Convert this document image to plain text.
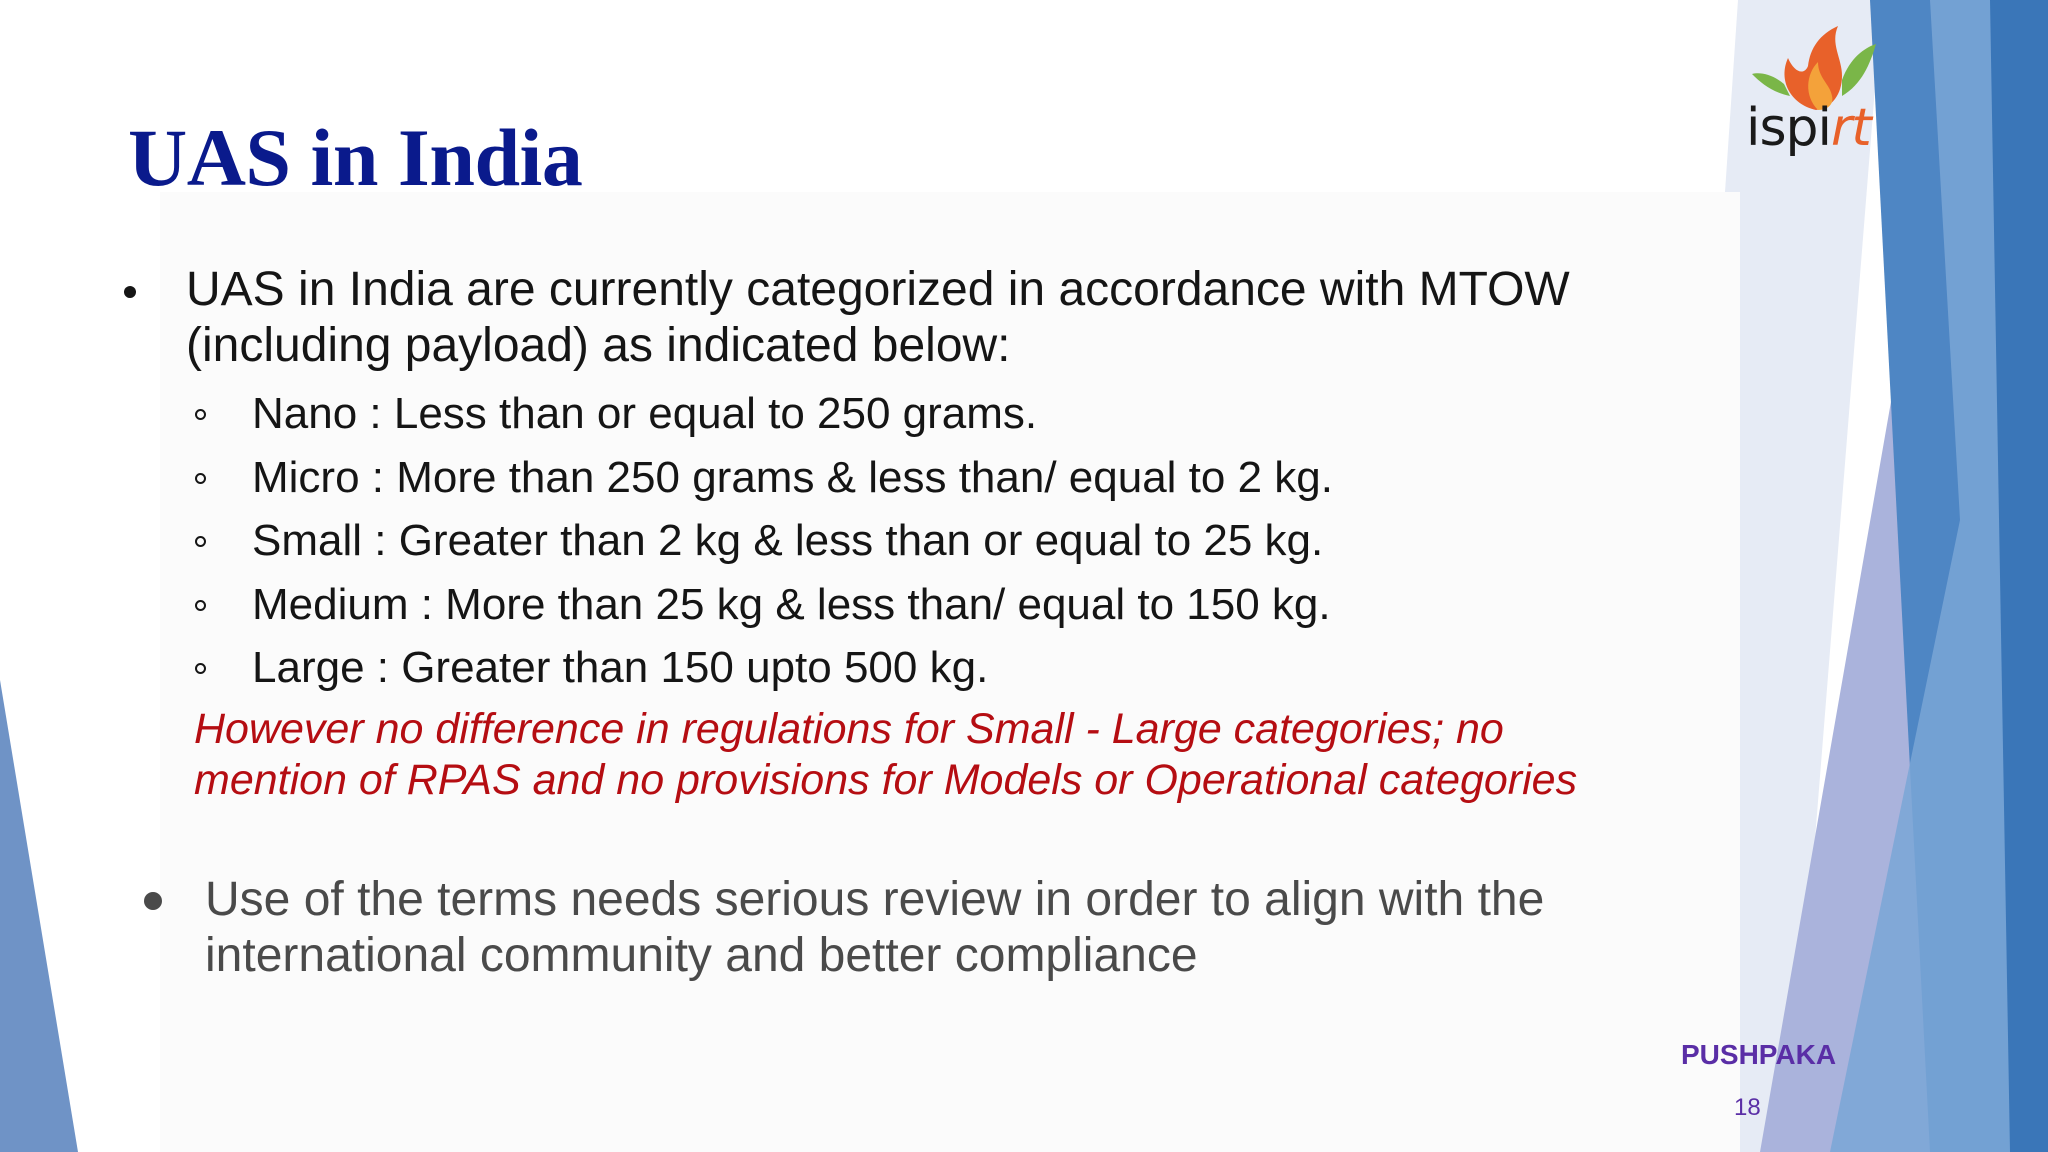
UAS in India	ispirt
UAS in India are currently categorized in accordance with MTOW (including payload) as indicated below:
Nano : Less than or equal to 250 grams.
Micro : More than 250 grams & less than/ equal to 2 kg.
Small : Greater than 2 kg & less than or equal to 25 kg.
Medium : More than 25 kg & less than/ equal to 150 kg.
Large : Greater than 150 upto 500 kg.

However no difference in regulations for Small - Large categories; no mention of RPAS and no provisions for Models or Operational categories

Use of the terms needs serious review in order to align with the international community and better compliance
PUSHPAKA
18
